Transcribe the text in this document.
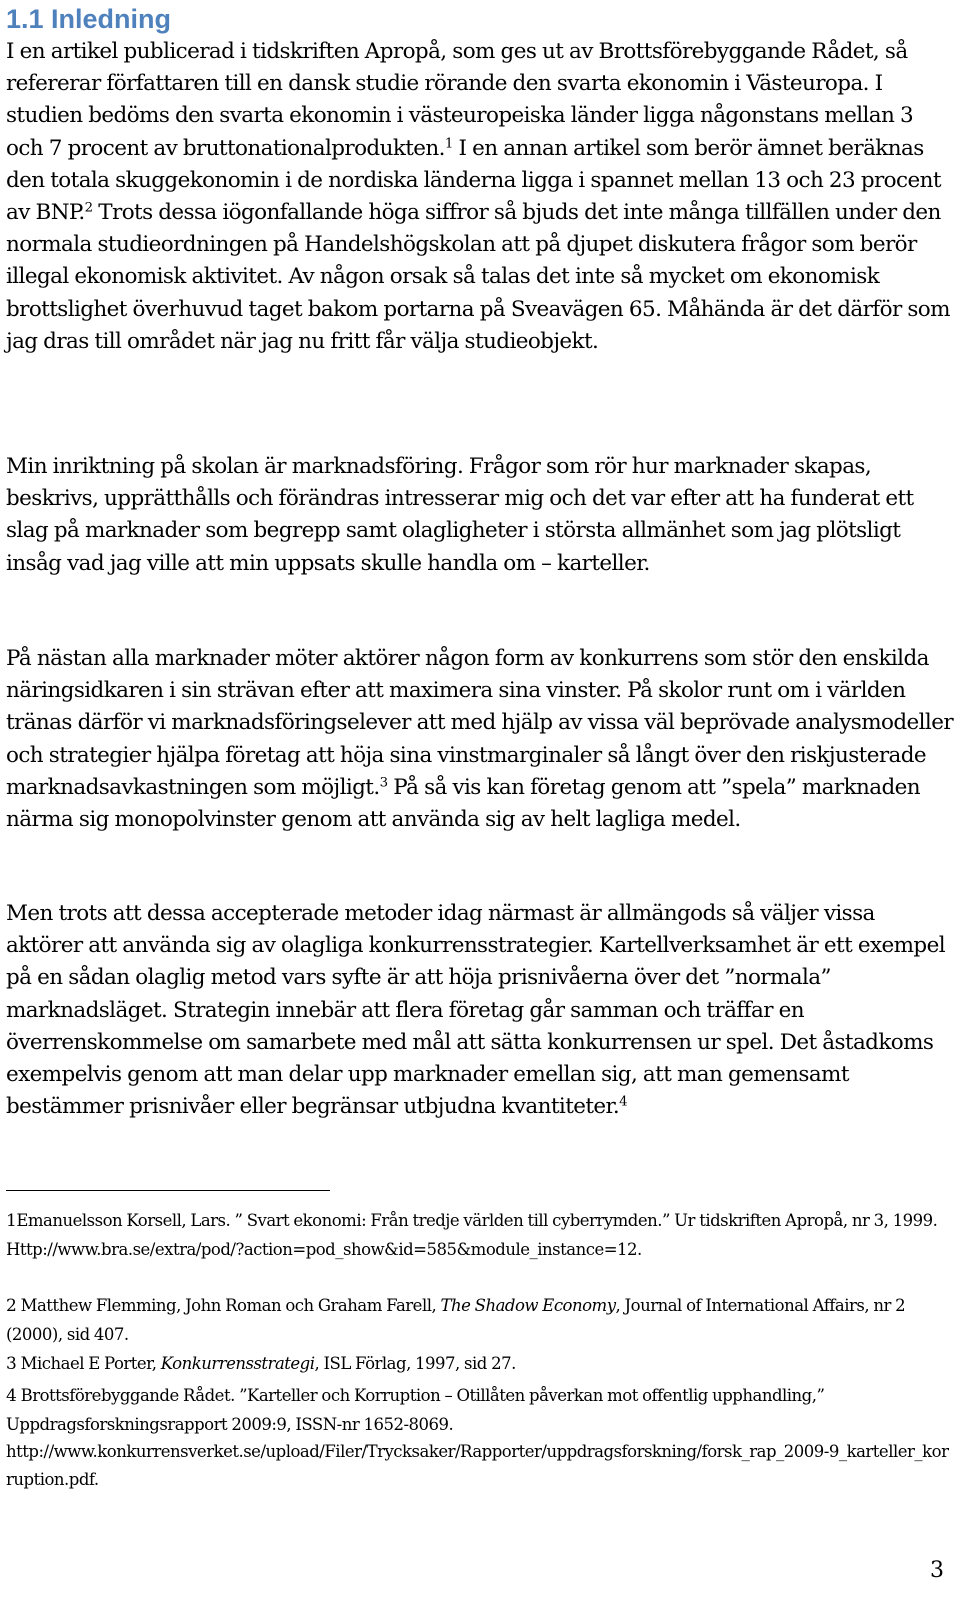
1.1 Inledning

I en artikel publicerad i tidskriften Apropå, som ges ut av Brottsförebyggande Rådet, så refererar författaren till en dansk studie rörande den svarta ekonomin i Västeuropa. I studien bedöms den svarta ekonomin i västeuropeiska länder ligga någonstans mellan 3 och 7 procent av bruttonationalprodukten.$^1$ I en annan artikel som berör ämnet beräknas den totala skuggekonomin i de nordiska länderna ligga i spannet mellan 13 och 23 procent av BNP.$^2$ Trots dessa iögonfallande höga siffror så bjuds det inte många tillfällen under den normala studieordningen på Handelshögskolan att på djupet diskutera frågor som berör illegal ekonomisk aktivitet. Av någon orsak så talas det inte så mycket om ekonomisk brottslighet överhuvud taget bakom portarna på Sveavägen 65. Måhända är det därför som jag dras till området när jag nu fritt får välja studieobjekt.

Min inriktning på skolan är marknadsföring. Frågor som rör hur marknader skapas, beskrivs, upprätthålls och förändras intresserar mig och det var efter att ha funderat ett slag på marknader som begrepp samt olagligheter i största allmänhet som jag plötsligt insåg vad jag ville att min uppsats skulle handla om – karteller.

På nästan alla marknader möter aktörer någon form av konkurrens som stör den enskilda näringsidkaren i sin strävan efter att maximera sina vinster. På skolor runt om i världen tränas därför vi marknadsföringselever att med hjälp av vissa väl beprövade analysmodeller och strategier hjälpa företag att höja sina vinstmarginaler så långt över den riskjusterade marknadsavkastningen som möjligt.$^3$ På så vis kan företag genom att ”spela” marknaden närma sig monopolvinster genom att använda sig av helt lagliga medel.

Men trots att dessa accepterade metoder idag närmast är allmängods så väljer vissa aktörer att använda sig av olagliga konkurrensstrategier. Kartellverksamhet är ett exempel på en sådan olaglig metod vars syfte är att höja prisnivåerna över det ”normala” marknadsläget. Strategin innebär att flera företag går samman och träffar en överrenskommelse om samarbete med mål att sätta konkurrensen ur spel. Det åstadkoms exempelvis genom att man delar upp marknader emellan sig, att man gemensamt bestämmer prisnivåer eller begränsar utbjudna kvantiteter.$^4$

1Emanuelsson Korsell, Lars. ” Svart ekonomi: Från tredje världen till cyberrymden.” Ur tidskriften Apropå, nr 3, 1999.
Http://www.bra.se/extra/pod/?action=pod_show&id=585&module_instance=12.

2 Matthew Flemming, John Roman och Graham Farell, The Shadow Economy, Journal of International Affairs, nr 2 (2000), sid 407.

3 Michael E Porter, Konkurrensstrategi, ISL Förlag, 1997, sid 27.

4 Brottsförebyggande Rådet. ”Karteller och Korruption – Otillåten påverkan mot offentlig upphandling,” Uppdragsforskningsrapport 2009:9, ISSN-nr 1652-8069.
http://www.konkurrensverket.se/upload/Filer/Trycksaker/Rapporter/uppdragsforskning/forsk_rap_2009-9_karteller_korruption.pdf.

3
